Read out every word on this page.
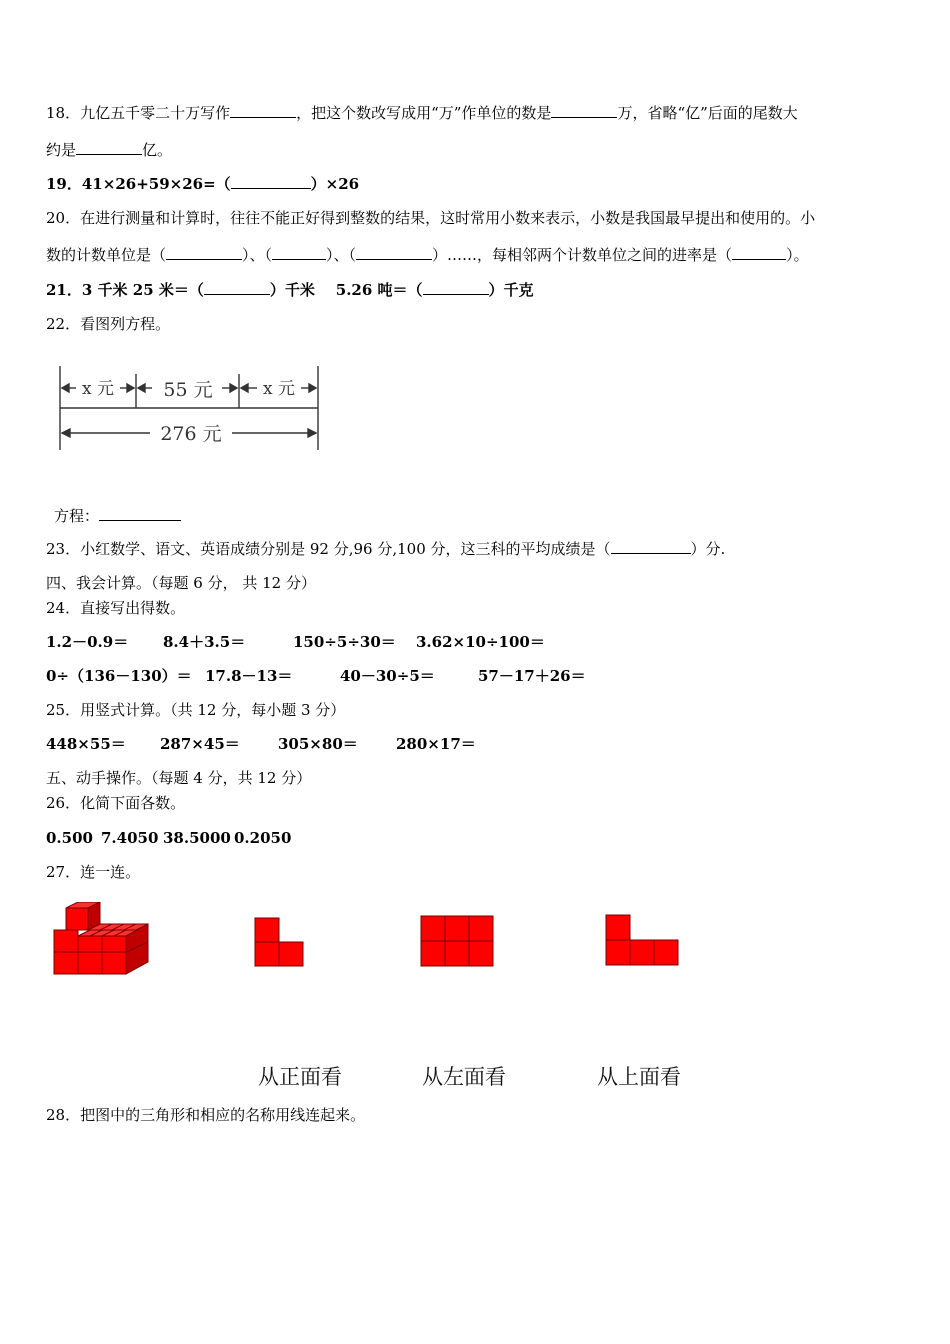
18．九亿五千零二十万写作	，把这个数改写成用“万”作单位的数是	万，省略“亿”后面的尾数大
约是	亿。
19．41×26+59×26=（	）×26
20．在进行测量和计算时，往往不能正好得到整数的结果，这时常用小数来表示，小数是我国最早提出和使用的。小
数的计数单位是（	）、（	）、（	）……，每相邻两个计数单位之间的进率是（	）。
21．3 千米 25 米＝（	）千米 5.26 吨＝（	）千克
22．看图列方程。
x 元	55 元	x 元
276 元
方程：
23．小红数学、语文、英语成绩分别是 92 分,96 分,100 分，这三科的平均成绩是（	）分.
四、我会计算。（每题 6 分， 共 12 分）
24．直接写出得数。
1.2－0.9＝ 8.4＋3.5＝	150÷5÷30＝ 3.62×10÷100＝
0÷（136－130）＝ 17.8－13＝	40－30÷5＝	57－17＋26＝
25．用竖式计算。（共 12 分，每小题 3 分）
448×55＝ 287×45＝	305×80＝	280×17＝
五、动手操作。（每题 4 分，共 12 分）
26．化简下面各数。
0.500 7.4050 38.5000 0.2050
27．连一连。
从正面看	从左面看	从上面看
28．把图中的三角形和相应的名称用线连起来。
